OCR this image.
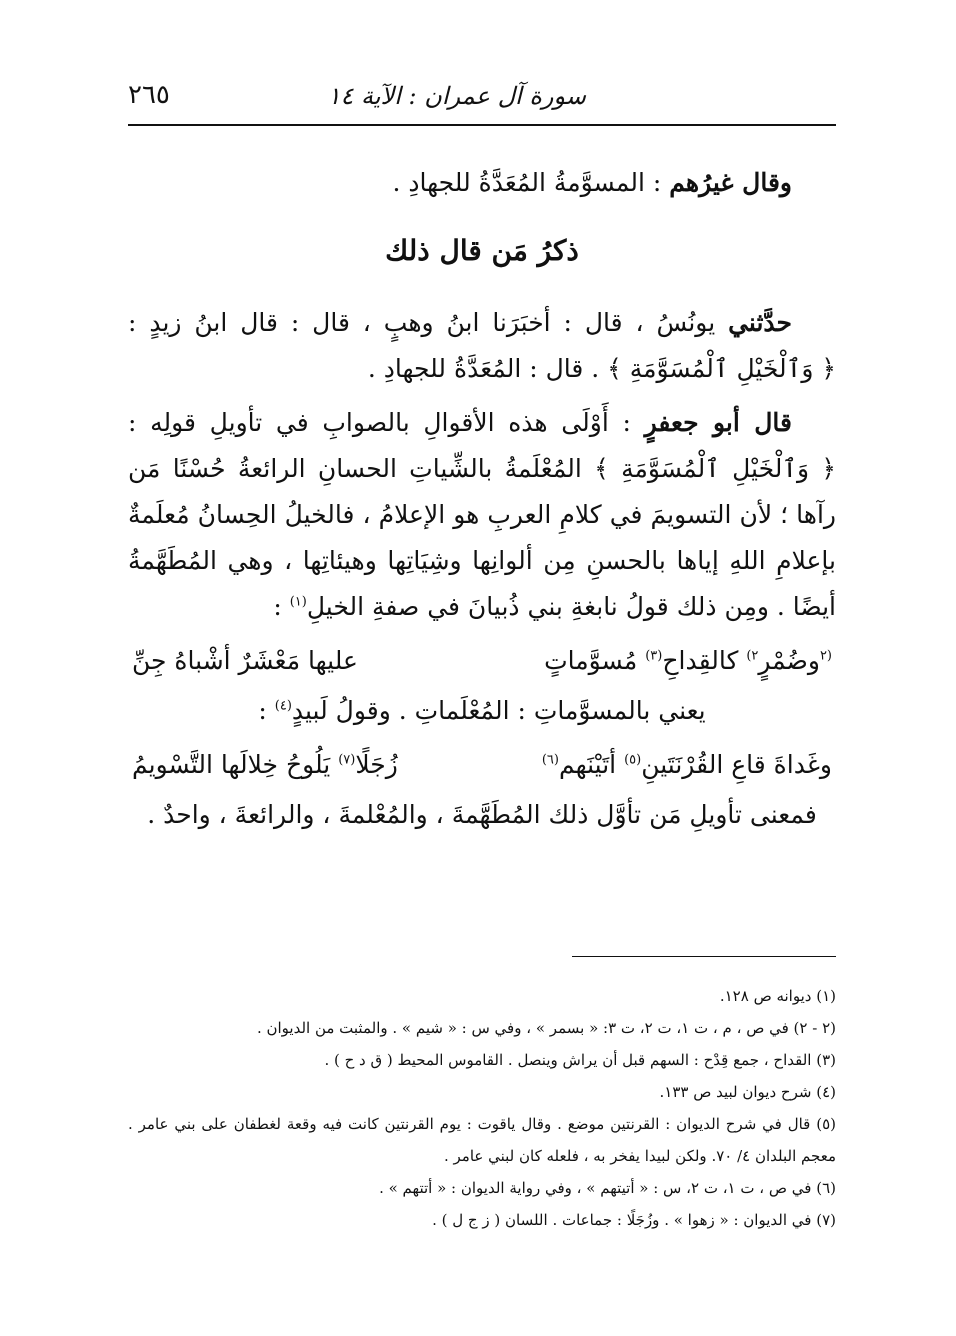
٢٦٥	سورة آل عمران : الآية ١٤

وقال غيرُهم : المسوَّمةُ المُعَدَّةُ للجهادِ .

ذكرُ مَن قال ذلك

حدَّثني يونُسُ ، قال : أخبَرَنا ابنُ وهبٍ ، قال : قال ابنُ زيدٍ : ﴿ وَٱلْخَيْلِ ٱلْمُسَوَّمَةِ ﴾ . قال : المُعَدَّةُ للجهادِ .

قال أبو جعفرٍ : أَوْلَى هذه الأقوالِ بالصوابِ في تأويلِ قولِه : ﴿ وَٱلْخَيْلِ ٱلْمُسَوَّمَةِ ﴾ المُعْلَمةُ بالشِّياتِ الحسانِ الرائعةُ حُسْنًا مَن رآها ؛ لأن التسويمَ في كلامِ العربِ هو الإعلامُ ، فالخيلُ الحِسانُ مُعلَمةٌ بإعلامِ اللهِ إياها بالحسنِ مِن ألوانِها وشِيَاتِها وهيئاتِها ، وهي المُطَهَّمةُ أيضًا . ومِن ذلك قولُ نابغةِ بني ذُبيانَ في صفةِ الخيلِ$^{(١)}$ :

$^{(٢}$وضُمْرٍ$^{٢)}$ كالقِداحِ$^{(٣)}$ مُسوَّماتٍ
عليها مَعْشَرٌ أشْباهُ جِنِّ

يعني بالمسوَّماتِ : المُعْلَماتِ . وقولُ لَبيدٍ$^{(٤)}$ :

وغَداةَ قاعِ القُرْنَتَينِ$^{(٥)}$ أتَيْنَهم$^{(٦)}$
زُجَلًا$^{(٧)}$ يَلُوحُ خِلالَها التَّسْويمُ

فمعنى تأويلِ مَن تأوَّل ذلك المُطَهَّمةَ ، والمُعْلمةَ ، والرائعةَ ، واحدٌ .

(١) ديوانه ص ١٢٨.

(٢ - ٢) في ص ، م ، ت ١، ت ٢، ت ٣: « بسمر » ، وفي س : « شيم » . والمثبت من الديوان .

(٣) القداح ، جمع قِدْح : السهم قبل أن يراش وينصل . القاموس المحيط ( ق د ح ) .

(٤) شرح ديوان لبيد ص ١٣٣.

(٥) قال في شرح الديوان : القرنتين موضع . وقال ياقوت : يوم القرنتين كانت فيه وقعة لغطفان على بني عامر . معجم البلدان ٤/ ٧٠. ولكن لبيدا يفخر به ، فلعله كان لبني عامر .

(٦) في ص ، ت ١، ت ٢، س : « أتيتهم » ، وفي رواية الديوان : « أتتهم » .

(٧) في الديوان : « زهوا » . وزُجَلًا : جماعات . اللسان ( ز ج ل ) .
